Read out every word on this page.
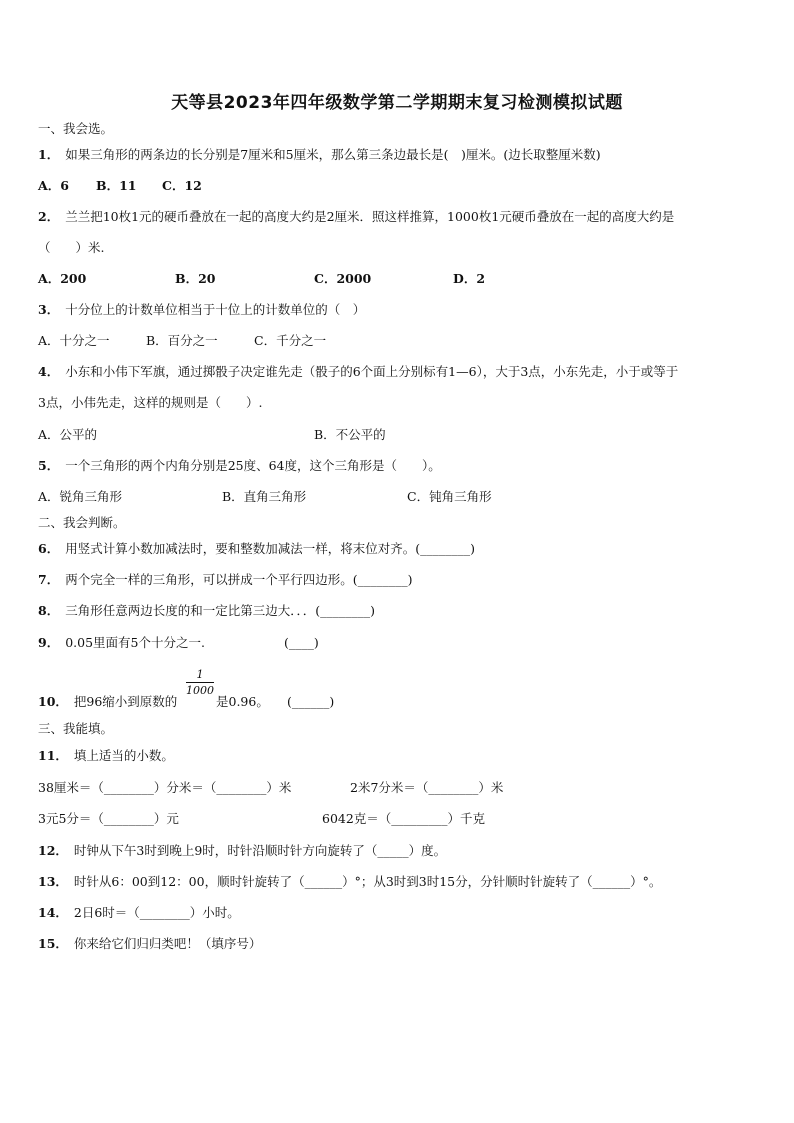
天等县2023年四年级数学第二学期期末复习检测模拟试题
一、我会选。
1． 如果三角形的两条边的长分别是7厘米和5厘米，那么第三条边最长是(　)厘米。(边长取整厘米数)
A．6 B．11 C．12
2． 兰兰把10枚1元的硬币叠放在一起的高度大约是2厘米．照这样推算，1000枚1元硬币叠放在一起的高度大约是
（　　）米.
A．200	B．20	C．2000	D．2
3． 十分位上的计数单位相当于十位上的计数单位的（　）
A．十分之一	B．百分之一	C．千分之一
4． 小东和小伟下军旗，通过掷骰子决定谁先走（骰子的6个面上分别标有1—6），大于3点，小东先走，小于或等于
3点，小伟先走，这样的规则是（　　）.
A．公平的	B．不公平的
5． 一个三角形的两个内角分别是25度、64度，这个三角形是（　　）。
A．锐角三角形	B．直角三角形	C．钝角三角形
二、我会判断。
6． 用竖式计算小数加减法时，要和整数加减法一样，将末位对齐。(________)
7． 两个完全一样的三角形，可以拼成一个平行四边形。(________)
8． 三角形任意两边长度的和一定比第三边大．．．(________)
9． 0.05里面有5个十分之一.	(____)
10． 把96缩小到原数的
1
1000
是0.96。 (______)
三、我能填。
11． 填上适当的小数。
38厘米＝（________）分米＝（________）米	2米7分米＝（________）米
3元5分＝（________）元	6042克＝（_________）千克
12． 时钟从下午3时到晚上9时，时针沿顺时针方向旋转了（_____）度。
13． 时针从6：00到12：00，顺时针旋转了（______）°；从3时到3时15分，分针顺时针旋转了（______）°。
14． 2日6时＝（________）小时。
15． 你来给它们归归类吧！（填序号）
